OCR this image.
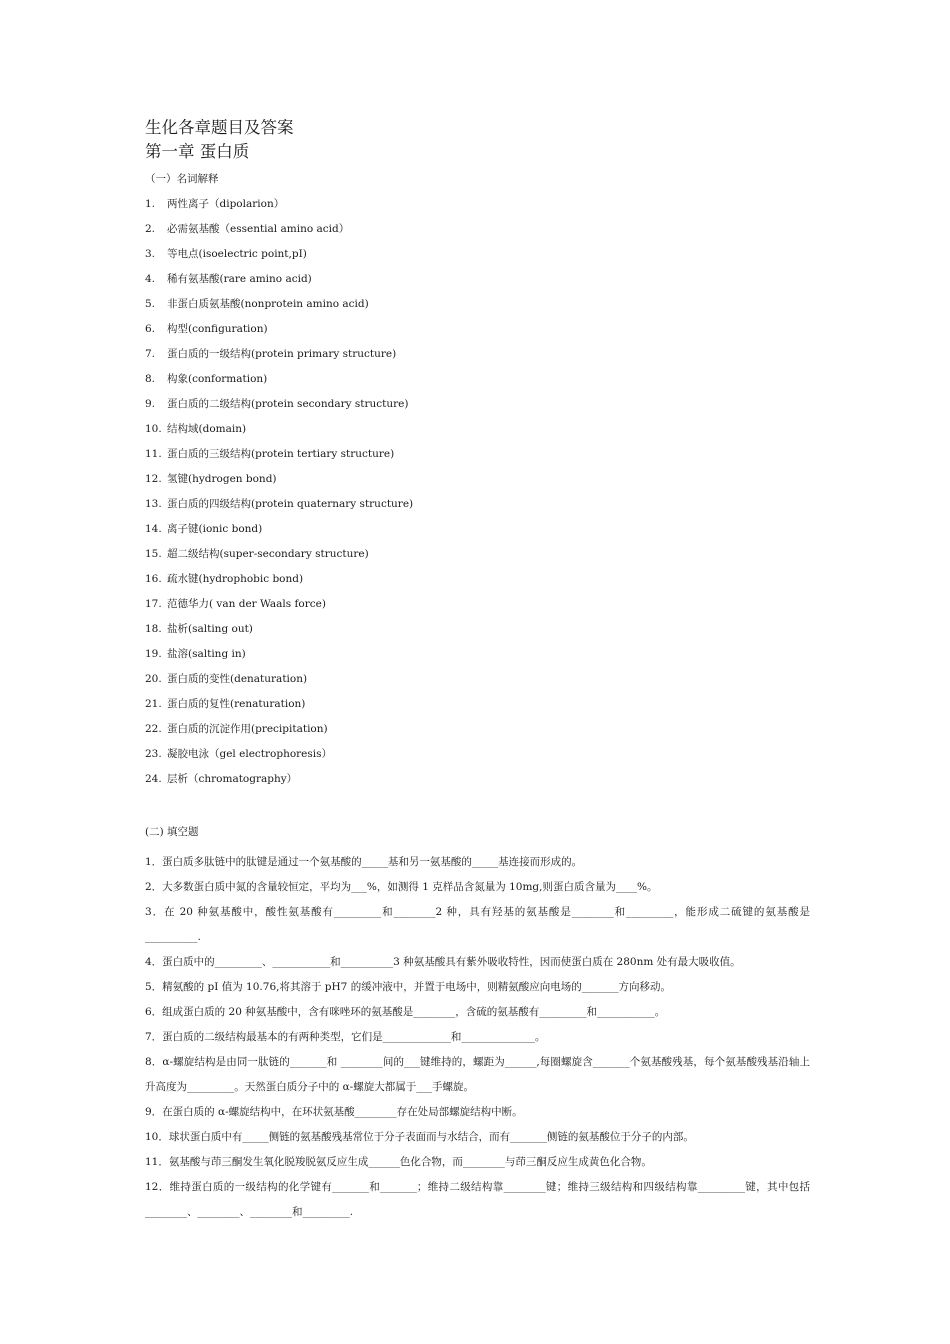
生化各章题目及答案
第一章 蛋白质
（一）名词解释
1.	两性离子（dipolarion）
2.	必需氨基酸（essential amino acid）
3.	等电点(isoelectric point,pI)
4.	稀有氨基酸(rare amino acid)
5.	非蛋白质氨基酸(nonprotein amino acid)
6.	构型(configuration)
7.	蛋白质的一级结构(protein primary structure)
8.	构象(conformation)
9.	蛋白质的二级结构(protein secondary structure)
10. 结构域(domain)
11. 蛋白质的三级结构(protein tertiary structure)
12. 氢键(hydrogen bond)
13. 蛋白质的四级结构(protein quaternary structure)
14. 离子键(ionic bond)
15. 超二级结构(super-secondary structure)
16. 疏水键(hydrophobic bond)
17. 范德华力( van der Waals force)
18. 盐析(salting out)
19. 盐溶(salting in)
20. 蛋白质的变性(denaturation)
21. 蛋白质的复性(renaturation)
22. 蛋白质的沉淀作用(precipitation)
23. 凝胶电泳（gel electrophoresis）
24. 层析（chromatography）
(二) 填空题

1．蛋白质多肽链中的肽键是通过一个氨基酸的_____基和另一氨基酸的_____基连接而形成的。

2．大多数蛋白质中氮的含量较恒定，平均为___%，如测得 1 克样品含氮量为 10mg,则蛋白质含量为____%。

3．在 20 种氨基酸中，酸性氨基酸有_________和________2 种，具有羟基的氨基酸是________和_________，能形成二硫键的氨基酸是__________.

4．蛋白质中的_________、___________和__________3 种氨基酸具有紫外吸收特性，因而使蛋白质在 280nm 处有最大吸收值。

5．精氨酸的 pI 值为 10.76,将其溶于 pH7 的缓冲液中，并置于电场中，则精氨酸应向电场的_______方向移动。

6．组成蛋白质的 20 种氨基酸中，含有咪唑环的氨基酸是________，含硫的氨基酸有_________和___________。

7．蛋白质的二级结构最基本的有两种类型，它们是_____________和______________。

8．α-螺旋结构是由同一肽链的_______和 ________间的___键维持的，螺距为______,每圈螺旋含_______个氨基酸残基，每个氨基酸残基沿轴上升高度为_________。天然蛋白质分子中的 α-螺旋大都属于___手螺旋。

9．在蛋白质的 α-螺旋结构中，在环状氨基酸________存在处局部螺旋结构中断。

10．球状蛋白质中有_____侧链的氨基酸残基常位于分子表面而与水结合，而有_______侧链的氨基酸位于分子的内部。

11．氨基酸与茚三酮发生氧化脱羧脱氨反应生成______色化合物，而________与茚三酮反应生成黄色化合物。

12．维持蛋白质的一级结构的化学键有_______和_______；维持二级结构靠________键；维持三级结构和四级结构靠_________键，其中包括________、________、________和_________.
